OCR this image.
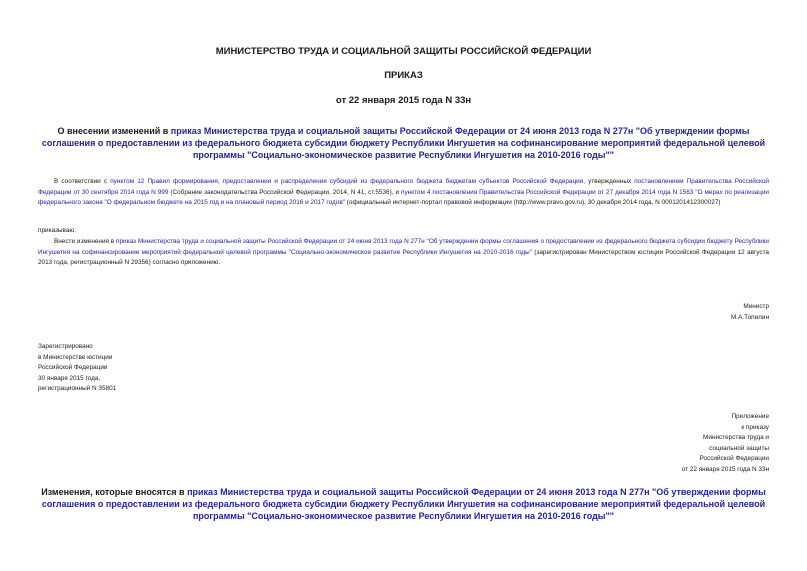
МИНИСТЕРСТВО ТРУДА И СОЦИАЛЬНОЙ ЗАЩИТЫ РОССИЙСКОЙ ФЕДЕРАЦИИ
ПРИКАЗ
от 22 января 2015 года N 33н
О внесении изменений в приказ Министерства труда и социальной защиты Российской Федерации от 24 июня 2013 года N 277н "Об утверждении формы соглашения о предоставлении из федерального бюджета субсидии бюджету Республики Ингушетия на софинансирование мероприятий федеральной целевой программы "Социально-экономическое развитие Республики Ингушетия на 2010-2016 годы""
В соответствии с пунктом 12 Правил формирования, предоставления и распределения субсидий из федерального бюджета бюджетам субъектов Российской Федерации, утвержденных постановлением Правительства Российской Федерации от 30 сентября 2014 года N 999 (Собрание законодательства Российской Федерации, 2014, N 41, ст.5536), и пунктом 4 постановления Правительства Российской Федерации от 27 декабря 2014 года N 1563 "О мерах по реализации федерального закона "О федеральном бюджете на 2015 год и на плановый период 2016 и 2017 годов" (официальный интернет-портал правовой информации (http://www.pravo.gov.ru), 30 декабря 2014 года, N 0001201412300027)
приказываю:
Внести изменения в приказ Министерства труда и социальной защиты Российской Федерации от 24 июня 2013 года N 277н "Об утверждении формы соглашения о предоставлении из федерального бюджета субсидии бюджету Республики Ингушетия на софинансирование мероприятий федеральной целевой программы "Социально-экономическое развитие Республики Ингушетия на 2010-2016 годы" (зарегистрирован Министерством юстиции Российской Федерации 12 августа 2013 года, регистрационный N 29356) согласно приложению.
Министр
М.А.Топилин
Зарегистрировано
в Министерстве юстиции
Российской Федерации
30 января 2015 года,
регистрационный N 35801
Приложение
к приказу
Министерства труда и
социальной защиты
Российской Федерации
от 22 января 2015 года N 33н
Изменения, которые вносятся в приказ Министерства труда и социальной защиты Российской Федерации от 24 июня 2013 года N 277н "Об утверждении формы соглашения о предоставлении из федерального бюджета субсидии бюджету Республики Ингушетия на софинансирование мероприятий федеральной целевой программы "Социально-экономическое развитие Республики Ингушетия на 2010-2016 годы""
